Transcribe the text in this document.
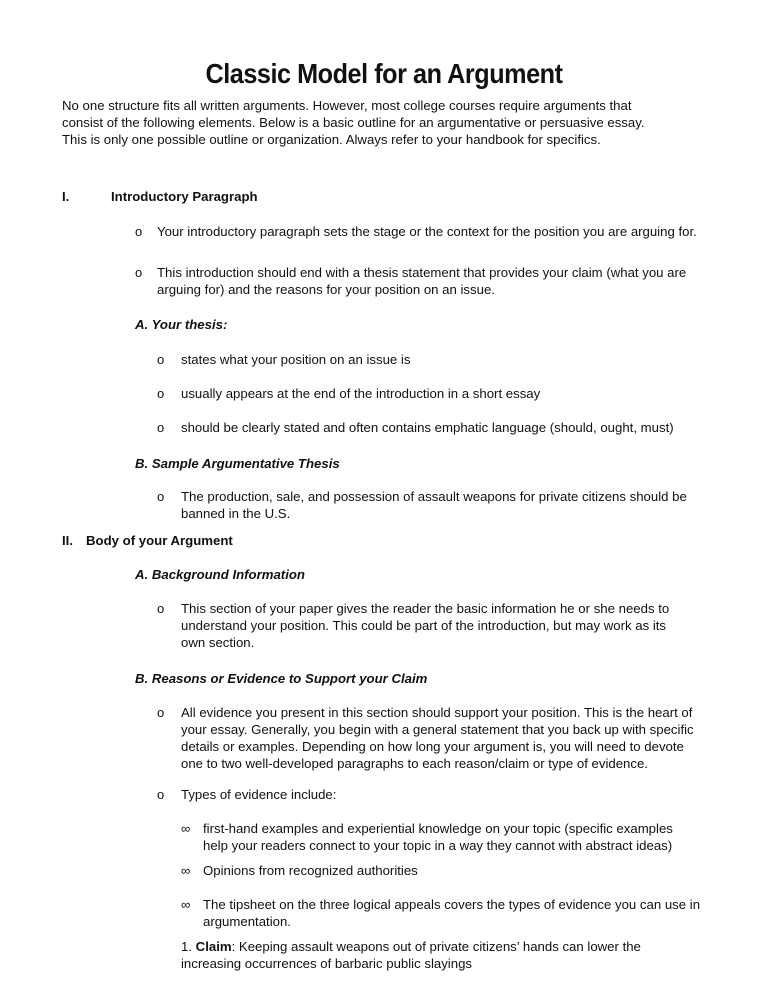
Classic Model for an Argument
No one structure fits all written arguments. However, most college courses require arguments that
consist of the following elements. Below is a basic outline for an argumentative or persuasive essay.
This is only one possible outline or organization. Always refer to your handbook for specifics.
I.	Introductory Paragraph
o Your introductory paragraph sets the stage or the context for the position you are arguing for.
o This introduction should end with a thesis statement that provides your claim (what you are
arguing for) and the reasons for your position on an issue.
A. Your thesis:
o states what your position on an issue is
o usually appears at the end of the introduction in a short essay
o should be clearly stated and often contains emphatic language (should, ought, must)
B. Sample Argumentative Thesis
o The production, sale, and possession of assault weapons for private citizens should be
banned in the U.S.
II. Body of your Argument
A. Background Information
o This section of your paper gives the reader the basic information he or she needs to
understand your position. This could be part of the introduction, but may work as its
own section.
B. Reasons or Evidence to Support your Claim
o All evidence you present in this section should support your position. This is the heart of
your essay. Generally, you begin with a general statement that you back up with specific
details or examples. Depending on how long your argument is, you will need to devote
one to two well-developed paragraphs to each reason/claim or type of evidence.
o Types of evidence include:
∞ first-hand examples and experiential knowledge on your topic (specific examples
help your readers connect to your topic in a way they cannot with abstract ideas)
∞ Opinions from recognized authorities
∞ The tipsheet on the three logical appeals covers the types of evidence you can use in
argumentation.
1. Claim: Keeping assault weapons out of private citizens’ hands can lower the
increasing occurrences of barbaric public slayings
